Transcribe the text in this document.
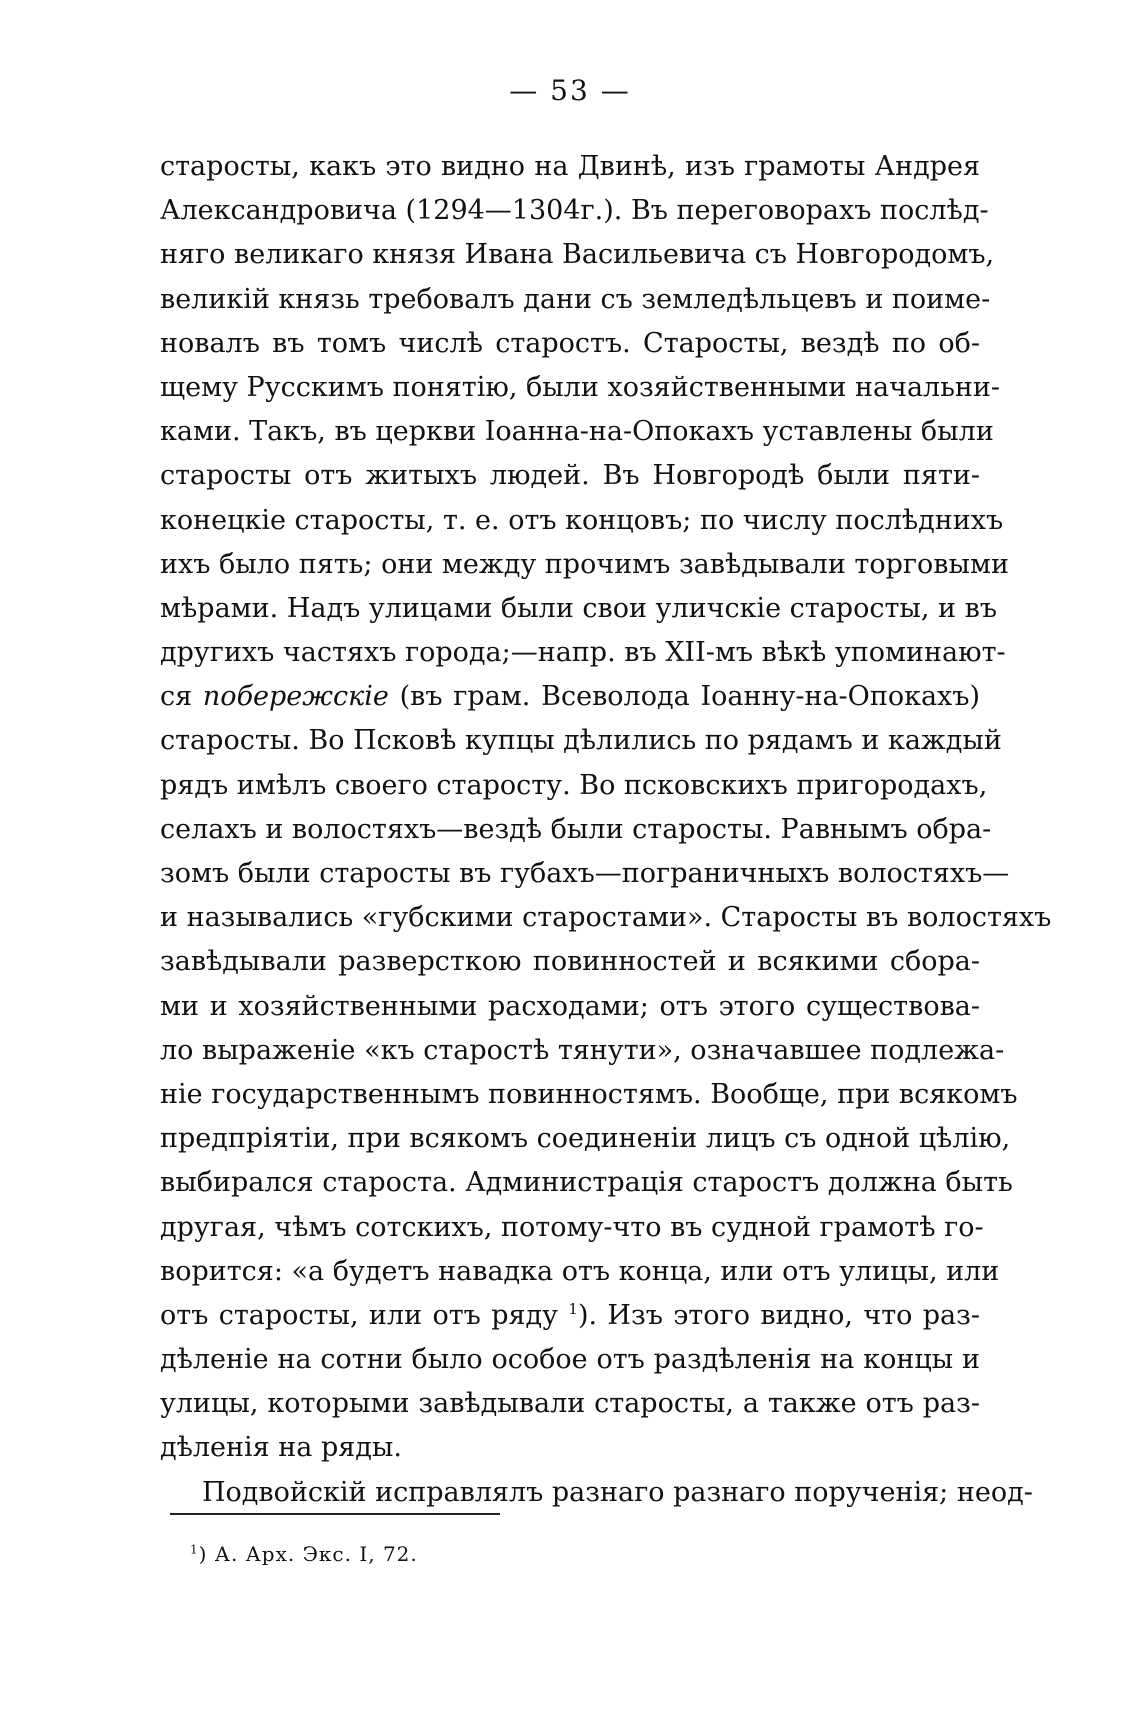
— 53 —
старосты, какъ это видно на Двинѣ, изъ грамоты Андрея
Александровича (1294—1304г.). Въ переговорахъ послѣд-
няго великаго князя Ивана Васильевича съ Новгородомъ,
великій князь требовалъ дани съ земледѣльцевъ и поиме-
новалъ въ томъ числѣ старостъ. Старосты, вездѣ по об-
щему Русскимъ понятію, были хозяйственными начальни-
ками. Такъ, въ церкви Іоанна-на-Опокахъ уставлены были
старосты отъ житыхъ людей. Въ Новгородѣ были пяти-
конецкіе старосты, т. е. отъ концовъ; по числу послѣднихъ
ихъ было пять; они между прочимъ завѣдывали торговыми
мѣрами. Надъ улицами были свои уличскіе старосты, и въ
другихъ частяхъ города;—напр. въ XII-мъ вѣкѣ упоминают-
ся побережскіе (въ грам. Всеволода Іоанну-на-Опокахъ)
старосты. Во Псковѣ купцы дѣлились по рядамъ и каждый
рядъ имѣлъ своего старосту. Во псковскихъ пригородахъ,
селахъ и волостяхъ—вездѣ были старосты. Равнымъ обра-
зомъ были старосты въ губахъ—пограничныхъ волостяхъ—
и назывались «губскими старостами». Старосты въ волостяхъ
завѣдывали разверсткою повинностей и всякими сбора-
ми и хозяйственными расходами; отъ этого существова-
ло выраженіе «къ старостѣ тянути», означавшее подлежа-
ніе государственнымъ повинностямъ. Вообще, при всякомъ
предпріятіи, при всякомъ соединеніи лицъ съ одной цѣлію,
выбирался староста. Администрація старостъ должна быть
другая, чѣмъ сотскихъ, потому-что въ судной грамотѣ го-
ворится: «а будетъ навадка отъ конца, или отъ улицы, или
отъ старосты, или отъ ряду $^1$). Изъ этого видно, что раз-
дѣленіе на сотни было особое отъ раздѣленія на концы и
улицы, которыми завѣдывали старосты, а также отъ раз-
дѣленія на ряды.
Подвойскій исправлялъ разнаго разнаго порученія; неод-
$^1$) А. Арх. Экс. I, 72.
